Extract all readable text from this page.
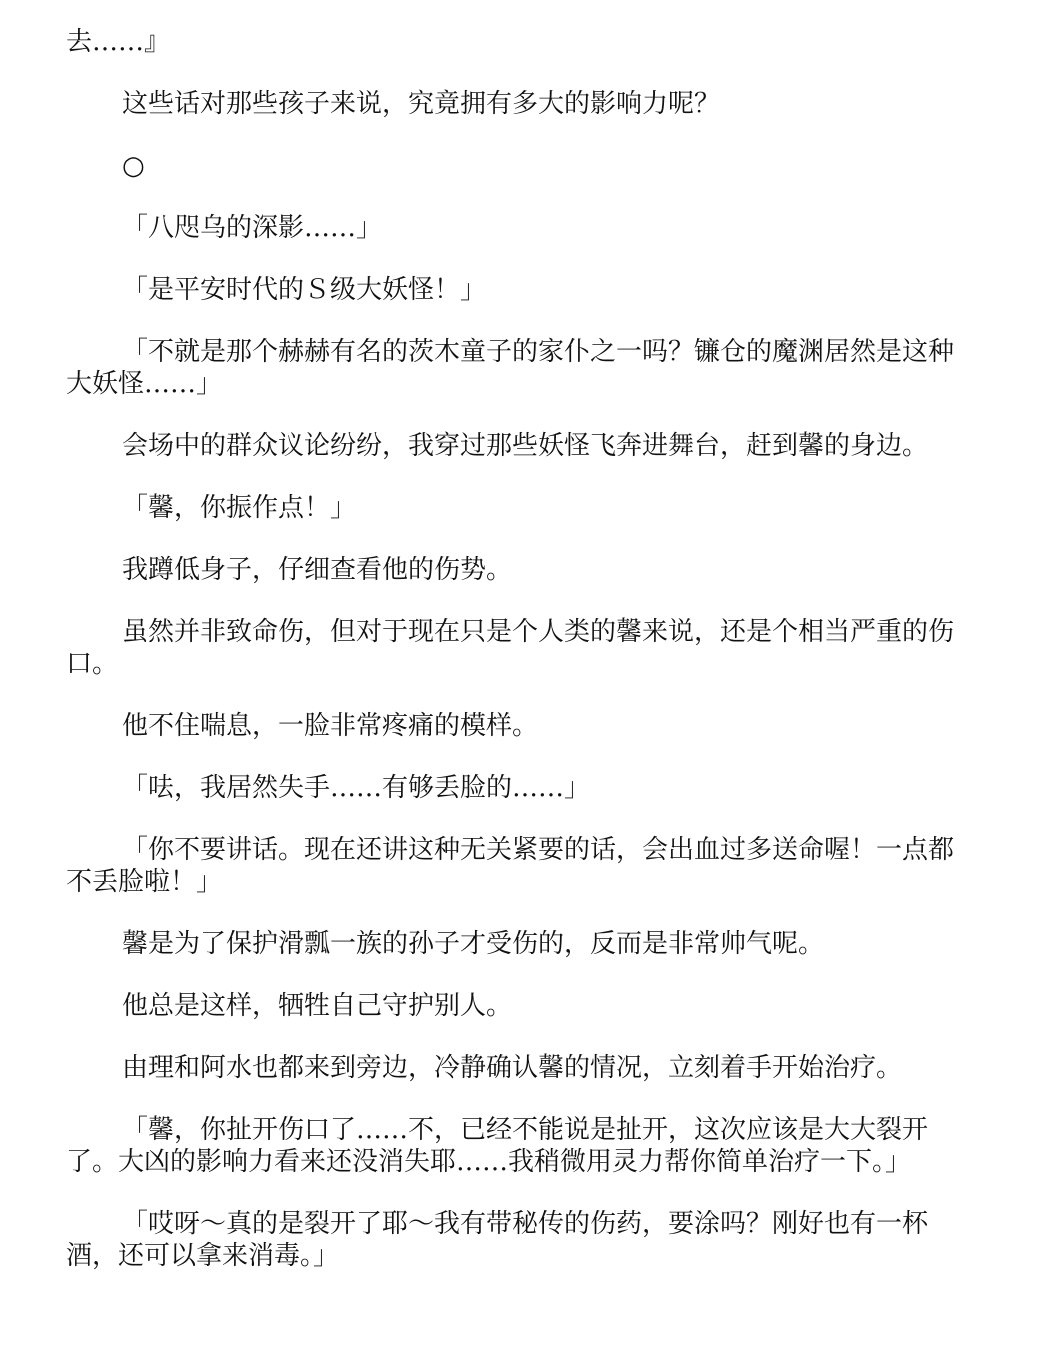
去……』

这些话对那些孩子来说，究竟拥有多大的影响力呢？

○

「八咫乌的深影……」

「是平安时代的Ｓ级大妖怪！」

「不就是那个赫赫有名的茨木童子的家仆之一吗？镰仓的魔渊居然是这种大妖怪……」

会场中的群众议论纷纷，我穿过那些妖怪飞奔进舞台，赶到馨的身边。

「馨，你振作点！」

我蹲低身子，仔细查看他的伤势。

虽然并非致命伤，但对于现在只是个人类的馨来说，还是个相当严重的伤口。

他不住喘息，一脸非常疼痛的模样。

「呿，我居然失手……有够丢脸的……」

「你不要讲话。现在还讲这种无关紧要的话，会出血过多送命喔！一点都不丢脸啦！」

馨是为了保护滑瓢一族的孙子才受伤的，反而是非常帅气呢。

他总是这样，牺牲自己守护别人。

由理和阿水也都来到旁边，冷静确认馨的情况，立刻着手开始治疗。

「馨，你扯开伤口了……不，已经不能说是扯开，这次应该是大大裂开了。大凶的影响力看来还没消失耶……我稍微用灵力帮你简单治疗一下。」

「哎呀～真的是裂开了耶～我有带秘传的伤药，要涂吗？刚好也有一杯酒，还可以拿来消毒。」
